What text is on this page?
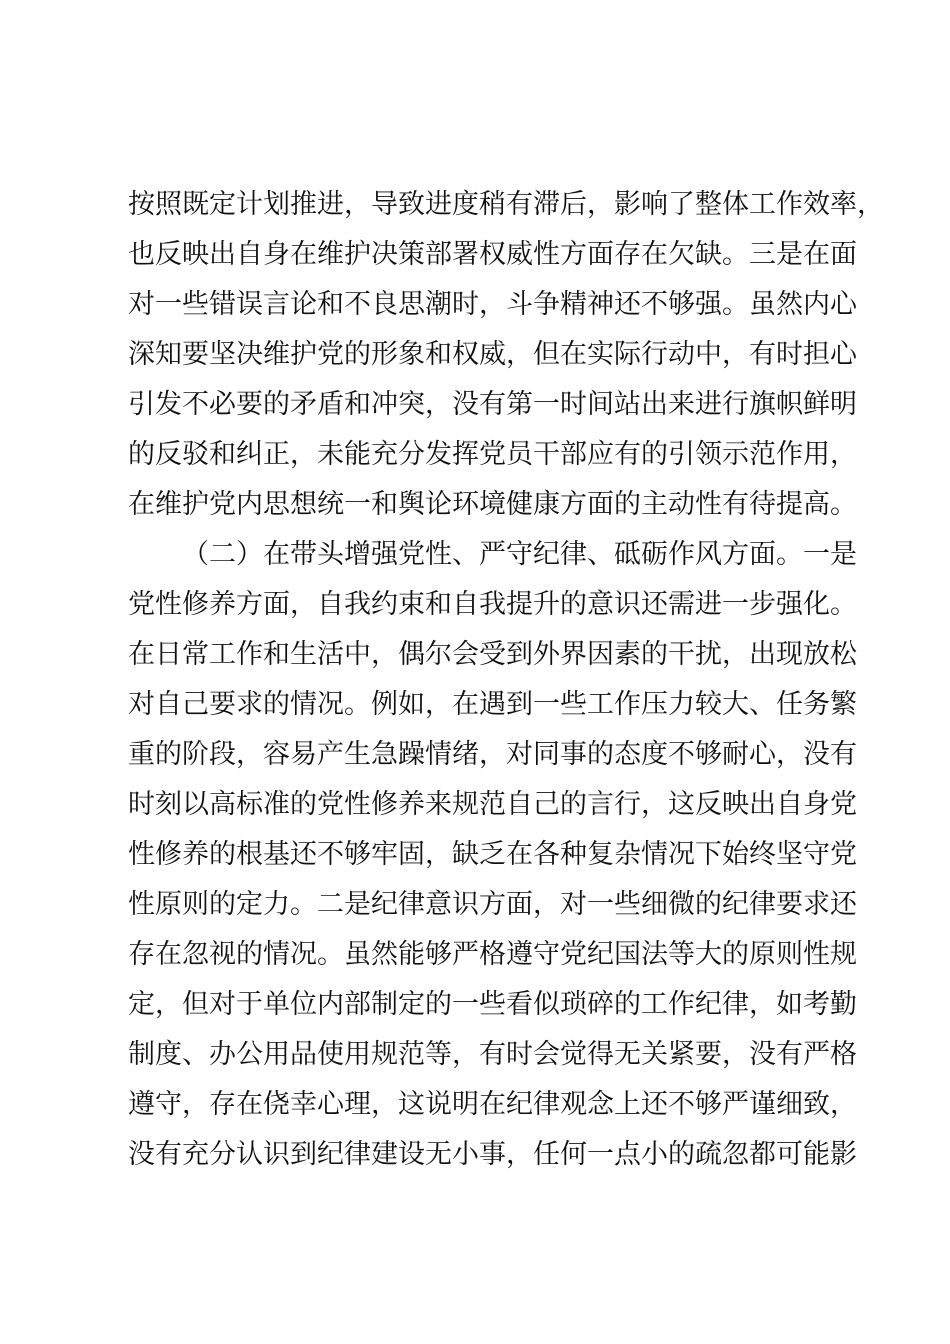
按照既定计划推进，导致进度稍有滞后，影响了整体工作效率，
也反映出自身在维护决策部署权威性方面存在欠缺。三是在面
对一些错误言论和不良思潮时，斗争精神还不够强。虽然内心
深知要坚决维护党的形象和权威，但在实际行动中，有时担心
引发不必要的矛盾和冲突，没有第一时间站出来进行旗帜鲜明
的反驳和纠正，未能充分发挥党员干部应有的引领示范作用，
在维护党内思想统一和舆论环境健康方面的主动性有待提高。
（二）在带头增强党性、严守纪律、砥砺作风方面。一是
党性修养方面，自我约束和自我提升的意识还需进一步强化。
在日常工作和生活中，偶尔会受到外界因素的干扰，出现放松
对自己要求的情况。例如，在遇到一些工作压力较大、任务繁
重的阶段，容易产生急躁情绪，对同事的态度不够耐心，没有
时刻以高标准的党性修养来规范自己的言行，这反映出自身党
性修养的根基还不够牢固，缺乏在各种复杂情况下始终坚守党
性原则的定力。二是纪律意识方面，对一些细微的纪律要求还
存在忽视的情况。虽然能够严格遵守党纪国法等大的原则性规
定，但对于单位内部制定的一些看似琐碎的工作纪律，如考勤
制度、办公用品使用规范等，有时会觉得无关紧要，没有严格
遵守，存在侥幸心理，这说明在纪律观念上还不够严谨细致，
没有充分认识到纪律建设无小事，任何一点小的疏忽都可能影
